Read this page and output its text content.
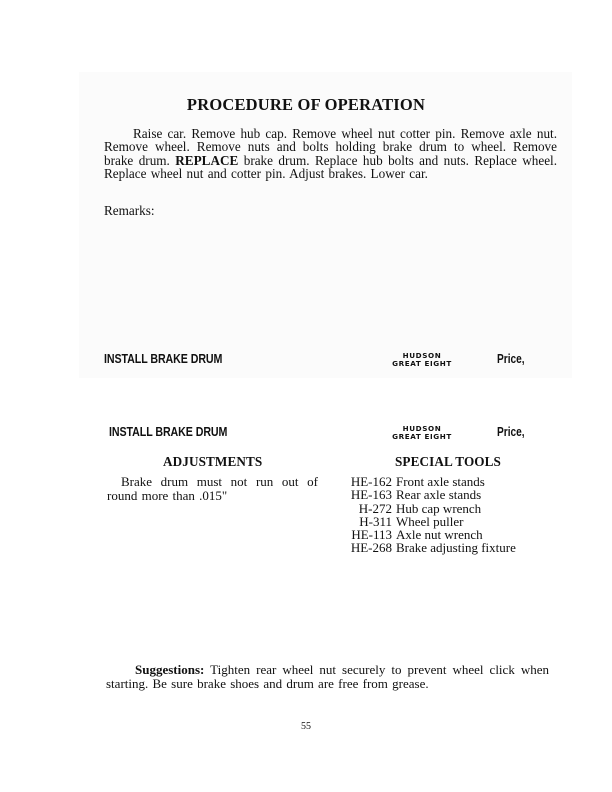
PROCEDURE OF OPERATION
Raise car. Remove hub cap. Remove wheel nut cotter pin. Remove axle nut. Remove wheel. Remove nuts and bolts holding brake drum to wheel. Remove brake drum. REPLACE brake drum. Replace hub bolts and nuts. Replace wheel. Replace wheel nut and cotter pin. Adjust brakes. Lower car.
Remarks:
INSTALL BRAKE DRUM	HUDSON
GREAT EIGHT	Price,
INSTALL BRAKE DRUM	HUDSON
GREAT EIGHT	Price,
ADJUSTMENTS
Brake drum must not run out of round more than .015"
SPECIAL TOOLS
HE-162 Front axle stands
HE-163 Rear axle stands
H-272 Hub cap wrench
H-311 Wheel puller
HE-113 Axle nut wrench
HE-268 Brake adjusting fixture
Suggestions: Tighten rear wheel nut securely to prevent wheel click when starting. Be sure brake shoes and drum are free from grease.
55
